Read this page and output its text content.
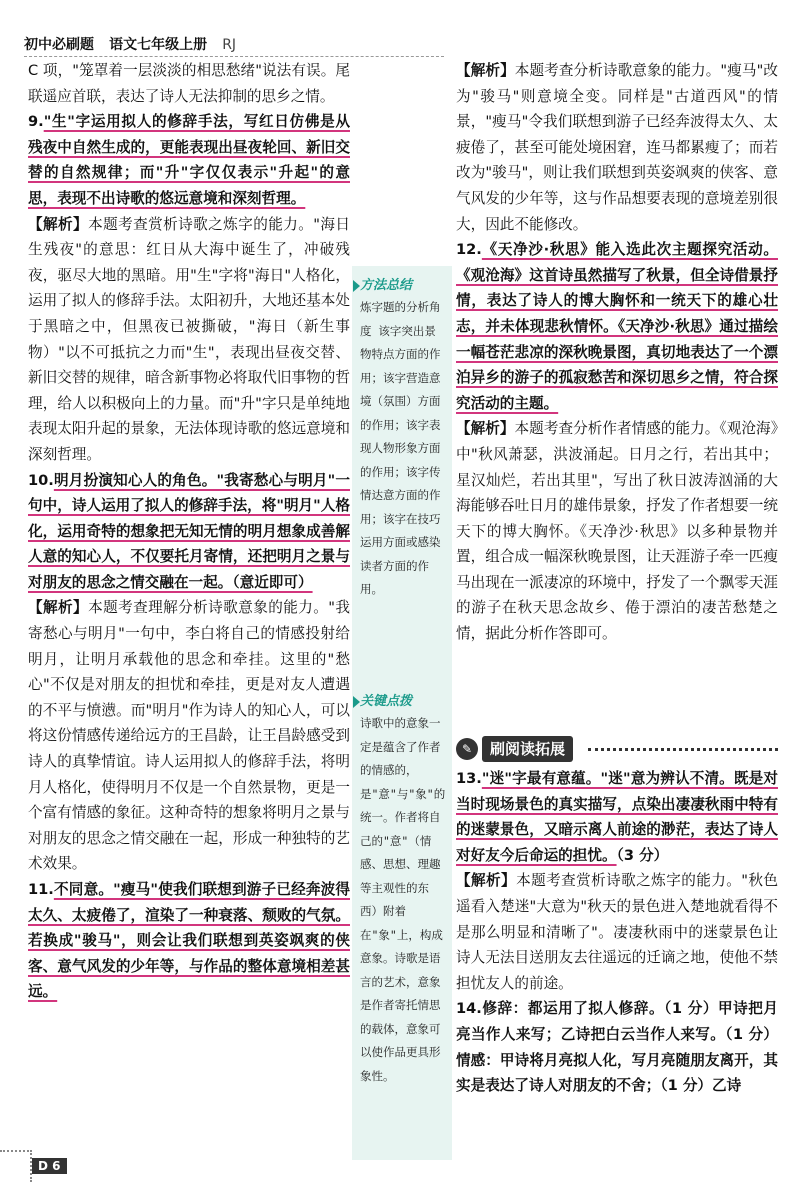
初中必刷题 语文七年级上册 RJ

C 项，"笼罩着一层淡淡的相思愁绪"说法有误。尾联遥应首联，表达了诗人无法抑制的思乡之情。

9."生"字运用拟人的修辞手法，写红日仿佛是从残夜中自然生成的，更能表现出昼夜轮回、新旧交替的自然规律；而"升"字仅仅表示"升起"的意思，表现不出诗歌的悠远意境和深刻哲理。

【解析】本题考查赏析诗歌之炼字的能力。"海日生残夜"的意思：红日从大海中诞生了，冲破残夜，驱尽大地的黑暗。用"生"字将"海日"人格化，运用了拟人的修辞手法。太阳初升，大地还基本处于黑暗之中，但黑夜已被撕破，"海日（新生事物）"以不可抵抗之力而"生"，表现出昼夜交替、新旧交替的规律，暗含新事物必将取代旧事物的哲理，给人以积极向上的力量。而"升"字只是单纯地表现太阳升起的景象，无法体现诗歌的悠远意境和深刻哲理。

10.明月扮演知心人的角色。"我寄愁心与明月"一句中，诗人运用了拟人的修辞手法，将"明月"人格化，运用奇特的想象把无知无情的明月想象成善解人意的知心人，不仅要托月寄情，还把明月之景与对朋友的思念之情交融在一起。（意近即可）

【解析】本题考查理解分析诗歌意象的能力。"我寄愁心与明月"一句中，李白将自己的情感投射给明月，让明月承载他的思念和牵挂。这里的"愁心"不仅是对朋友的担忧和牵挂，更是对友人遭遇的不平与愤懑。而"明月"作为诗人的知心人，可以将这份情感传递给远方的王昌龄，让王昌龄感受到诗人的真挚情谊。诗人运用拟人的修辞手法，将明月人格化，使得明月不仅是一个自然景物，更是一个富有情感的象征。这种奇特的想象将明月之景与对朋友的思念之情交融在一起，形成一种独特的艺术效果。

11.不同意。"瘦马"使我们联想到游子已经奔波得太久、太疲倦了，渲染了一种衰落、颓败的气氛。若换成"骏马"，则会让我们联想到英姿飒爽的侠客、意气风发的少年等，与作品的整体意境相差甚远。

方法总结
炼字题的分析角度 该字突出景物特点方面的作用；该字营造意境（氛围）方面的作用；该字表现人物形象方面的作用；该字传情达意方面的作用；该字在技巧运用方面或感染读者方面的作用。
关键点拨
诗歌中的意象一定是蕴含了作者的情感的，是"意"与"象"的统一。作者将自己的"意"（情感、思想、理趣等主观性的东西）附着在"象"上，构成意象。诗歌是语言的艺术，意象是作者寄托情思的载体，意象可以使作品更具形象性。

【解析】本题考查分析诗歌意象的能力。"瘦马"改为"骏马"则意境全变。同样是"古道西风"的情景，"瘦马"令我们联想到游子已经奔波得太久、太疲倦了，甚至可能处境困窘，连马都累瘦了；而若改为"骏马"，则让我们联想到英姿飒爽的侠客、意气风发的少年等，这与作品想要表现的意境差别很大，因此不能修改。

12.《天净沙·秋思》能入选此次主题探究活动。《观沧海》这首诗虽然描写了秋景，但全诗借景抒情，表达了诗人的博大胸怀和一统天下的雄心壮志，并未体现悲秋情怀。《天净沙·秋思》通过描绘一幅苍茫悲凉的深秋晚景图，真切地表达了一个漂泊异乡的游子的孤寂愁苦和深切思乡之情，符合探究活动的主题。

【解析】本题考查分析作者情感的能力。《观沧海》中"秋风萧瑟，洪波涌起。日月之行，若出其中；星汉灿烂，若出其里"，写出了秋日波涛汹涌的大海能够吞吐日月的雄伟景象，抒发了作者想要一统天下的博大胸怀。《天净沙·秋思》以多种景物并置，组合成一幅深秋晚景图，让天涯游子牵一匹瘦马出现在一派凄凉的环境中，抒发了一个飘零天涯的游子在秋天思念故乡、倦于漂泊的凄苦愁楚之情，据此分析作答即可。

✎	刷阅读拓展

13."迷"字最有意蕴。"迷"意为辨认不清。既是对当时现场景色的真实描写，点染出凄凄秋雨中特有的迷蒙景色，又暗示离人前途的渺茫，表达了诗人对好友今后命运的担忧。（3 分）

【解析】本题考查赏析诗歌之炼字的能力。"秋色遥看入楚迷"大意为"秋天的景色进入楚地就看得不是那么明显和清晰了"。凄凄秋雨中的迷蒙景色让诗人无法目送朋友去往遥远的迁谪之地，使他不禁担忧友人的前途。

14.修辞：都运用了拟人修辞。（1 分）甲诗把月亮当作人来写；乙诗把白云当作人来写。（1 分）情感：甲诗将月亮拟人化，写月亮随朋友离开，其实是表达了诗人对朋友的不舍；（1 分）乙诗

D 6
